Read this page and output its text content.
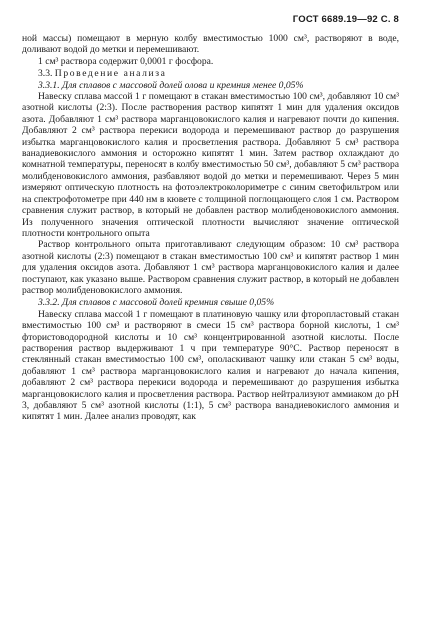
ГОСТ 6689.19—92 С. 8

ной массы) помещают в мерную колбу вместимостью 1000 см³, растворяют в воде, доливают водой до метки и перемешивают.

1 см³ раствора содержит 0,0001 г фосфора.

3.3. Проведение анализа

3.3.1. Для сплавов с массовой долей олова и кремния менее 0,05%

Навеску сплава массой 1 г помещают в стакан вместимостью 100 см³, добавляют 10 см³ азотной кислоты (2:3). После растворения раствор кипятят 1 мин для удаления оксидов азота. Добавляют 1 см³ раствора марганцовокислого калия и нагревают почти до кипения. Добавляют 2 см³ раствора перекиси водорода и перемешивают раствор до разрушения избытка марганцовокислого калия и просветления раствора. Добавляют 5 см³ раствора ванадиевокислого аммония и осторожно кипятят 1 мин. Затем раствор охлаждают до комнатной температуры, переносят в колбу вместимостью 50 см³, добавляют 5 см³ раствора молибденовокислого аммония, разбавляют водой до метки и перемешивают. Через 5 мин измеряют оптическую плотность на фотоэлектроколориметре с синим светофильтром или на спектрофотометре при 440 нм в кювете с толщиной поглощающего слоя 1 см. Раствором сравнения служит раствор, в который не добавлен раствор молибденовокислого аммония. Из полученного значения оптической плотности вычисляют значение оптической плотности контрольного опыта

Раствор контрольного опыта приготавливают следующим образом: 10 см³ раствора азотной кислоты (2:3) помещают в стакан вместимостью 100 см³ и кипятят раствор 1 мин для удаления оксидов азота. Добавляют 1 см³ раствора марганцовокислого калия и далее поступают, как указано выше. Раствором сравнения служит раствор, в который не добавлен раствор молибденовокислого аммония.

3.3.2. Для сплавов с массовой долей кремния свыше 0,05%

Навеску сплава массой 1 г помещают в платиновую чашку или фторопластовый стакан вместимостью 100 см³ и растворяют в смеси 15 см³ раствора борной кислоты, 1 см³ фтористоводородной кислоты и 10 см³ концентрированной азотной кислоты. После растворения раствор выдерживают 1 ч при температуре 90°С. Раствор переносят в стеклянный стакан вместимостью 100 см³, ополаскивают чашку или стакан 5 см³ воды, добавляют 1 см³ раствора марганцовокислого калия и нагревают до начала кипения, добавляют 2 см³ раствора перекиси водорода и перемешивают до разрушения избытка марганцовокислого калия и просветления раствора. Раствор нейтрализуют аммиаком до рН 3, добавляют 5 см³ азотной кислоты (1:1), 5 см³ раствора ванадиевокислого аммония и кипятят 1 мин. Далее анализ проводят, как
